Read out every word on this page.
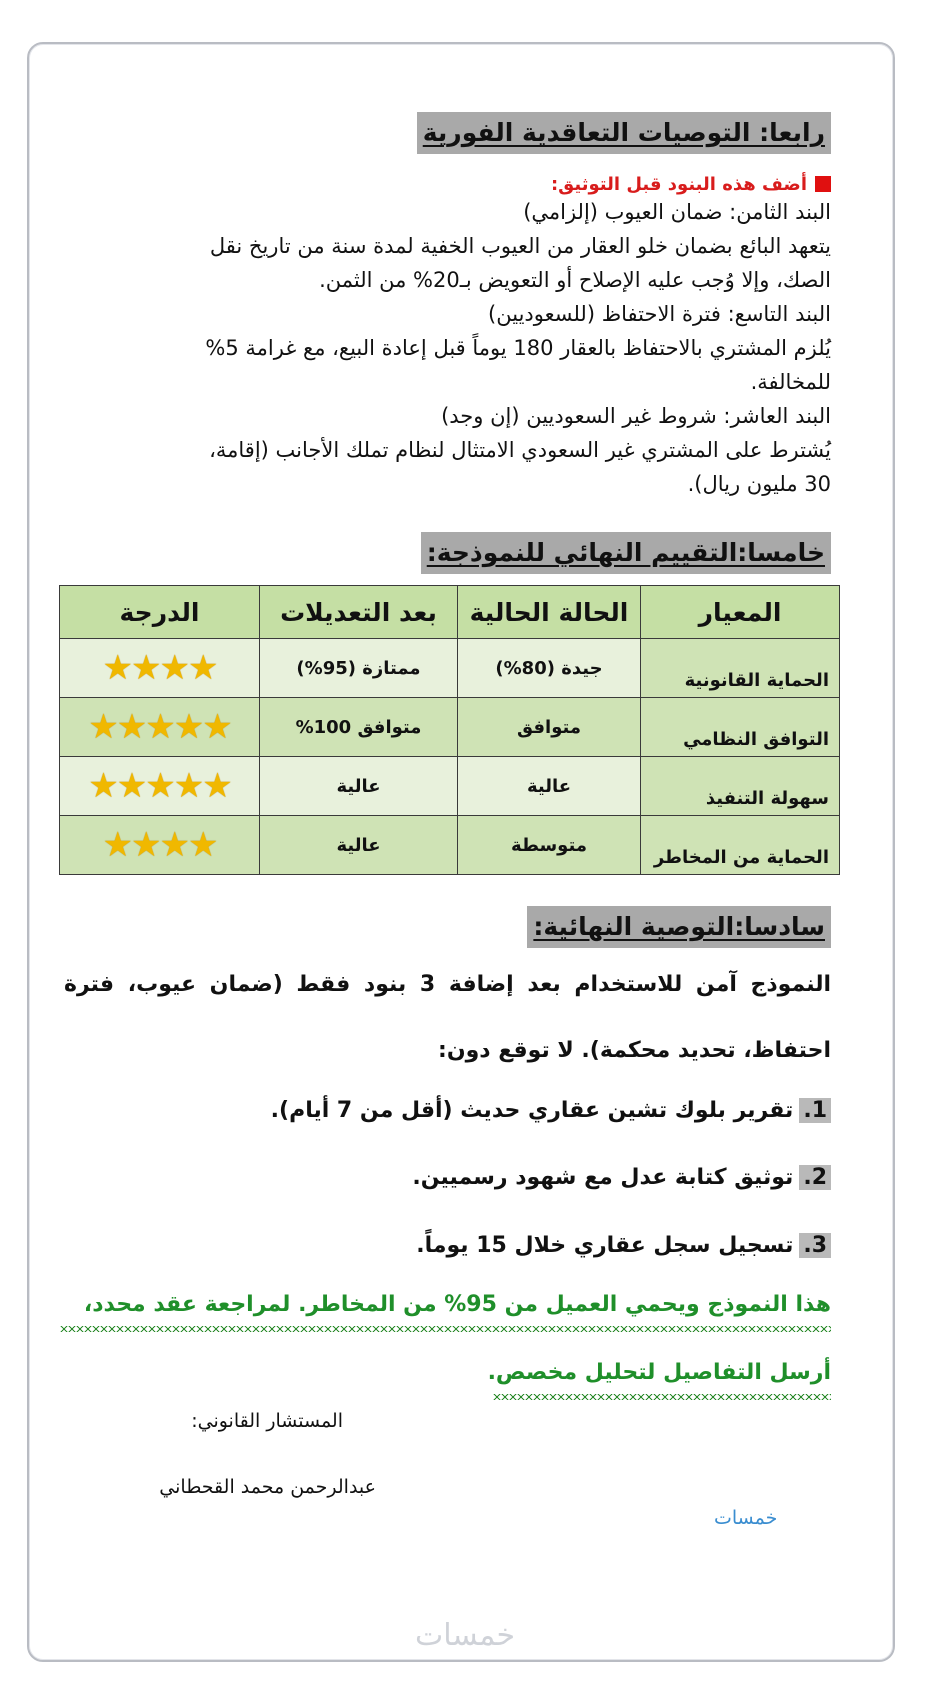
رابعا: التوصيات التعاقدية الفورية
أضف هذه البنود قبل التوثيق:
البند الثامن: ضمان العيوب (إلزامي)
يتعهد البائع بضمان خلو العقار من العيوب الخفية لمدة سنة من تاريخ نقل
الصك، وإلا وُجب عليه الإصلاح أو التعويض بـ20% من الثمن.
البند التاسع: فترة الاحتفاظ (للسعوديين)
يُلزم المشتري بالاحتفاظ بالعقار 180 يوماً قبل إعادة البيع، مع غرامة 5%
للمخالفة.
البند العاشر: شروط غير السعوديين (إن وجد)
يُشترط على المشتري غير السعودي الامتثال لنظام تملك الأجانب (إقامة،
30 مليون ريال).
خامسا:التقييم النهائي للنموذجة:
المعيار	الحالة الحالية	بعد التعديلات	الدرجة
الحماية القانونية	جيدة (80%)	ممتازة (95%)	★★★★
التوافق النظامي	متوافق	متوافق 100%	★★★★★
سهولة التنفيذ	عالية	عالية	★★★★★
الحماية من المخاطر	متوسطة	عالية	★★★★
سادسا:التوصية النهائية:
النموذج آمن للاستخدام بعد إضافة 3 بنود فقط (ضمان عيوب، فترة احتفاظ، تحديد محكمة). لا توقع دون:
1.تقرير بلوك تشين عقاري حديث (أقل من 7 أيام).
2.توثيق كتابة عدل مع شهود رسميين.
3.تسجيل سجل عقاري خلال 15 يوماً.
هذا النموذج ويحمي العميل من 95% من المخاطر. لمراجعة عقد محدد،
أرسل التفاصيل لتحليل مخصص.
المستشار القانوني:
عبدالرحمن محمد القحطاني
خمسات
خمسات
